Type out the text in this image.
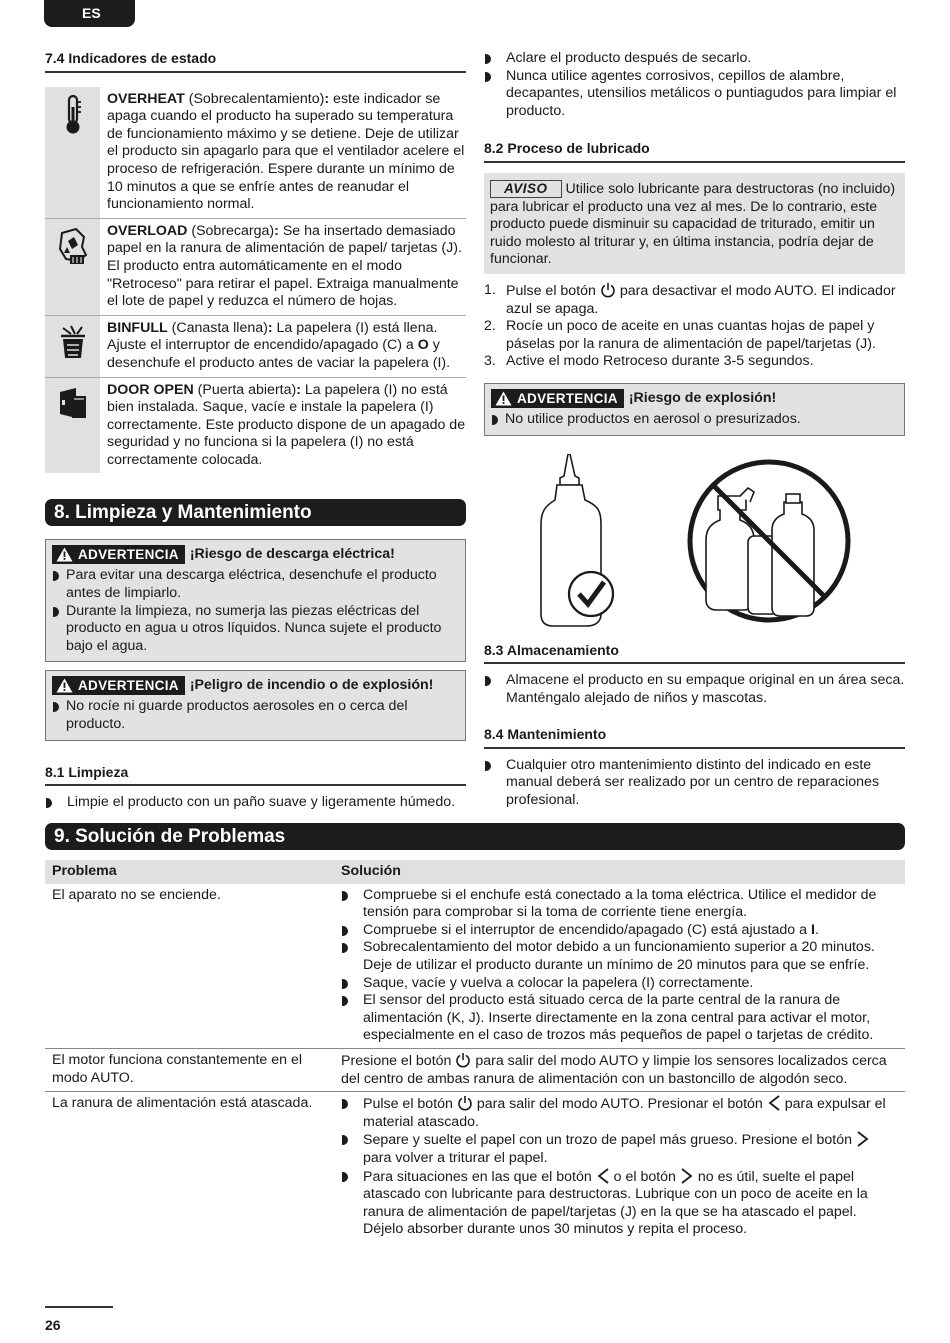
ES
7.4 Indicadores de estado
OVERHEAT (Sobrecalentamiento): este indicador se apaga cuando el producto ha superado su temperatura de funcionamiento máximo y se detiene. Deje de utilizar el producto sin apagarlo para que el ventilador acelere el proceso de refrigeración. Espere durante un mínimo de 10 minutos a que se enfríe antes de reanudar el funcionamiento normal.
OVERLOAD (Sobrecarga): Se ha insertado demasiado papel en la ranura de alimentación de papel/ tarjetas (J). El producto entra automáticamente en el modo "Retroceso" para retirar el papel. Extraiga manualmente el lote de papel y reduzca el número de hojas.
BINFULL (Canasta llena): La papelera (I) está llena. Ajuste el interruptor de encendido/apagado (C) a O y desenchufe el producto antes de vaciar la papelera (I).
DOOR OPEN (Puerta abierta): La papelera (I) no está bien instalada. Saque, vacíe e instale la papelera (I) correctamente. Este producto dispone de un apagado de seguridad y no funciona si la papelera (I) no está correctamente colocada.
8. Limpieza y Mantenimiento
ADVERTENCIA ¡Riesgo de descarga eléctrica!
Para evitar una descarga eléctrica, desenchufe el producto antes de limpiarlo.
Durante la limpieza, no sumerja las piezas eléctricas del producto en agua u otros líquidos. Nunca sujete el producto bajo el agua.
ADVERTENCIA ¡Peligro de incendio o de explosión!
No rocíe ni guarde productos aerosoles en o cerca del producto.
8.1 Limpieza
Limpie el producto con un paño suave y ligeramente húmedo.
Aclare el producto después de secarlo.
Nunca utilice agentes corrosivos, cepillos de alambre, decapantes, utensilios metálicos o puntiagudos para limpiar el producto.
8.2 Proceso de lubricado
AVISO Utilice solo lubricante para destructoras (no incluido) para lubricar el producto una vez al mes. De lo contrario, este producto puede disminuir su capacidad de triturado, emitir un ruido molesto al triturar y, en última instancia, podría dejar de funcionar.
1. Pulse el botón  para desactivar el modo AUTO. El indicador azul se apaga.
2. Rocíe un poco de aceite en unas cuantas hojas de papel y páselas por la ranura de alimentación de papel/tarjetas (J).
3. Active el modo Retroceso durante 3-5 segundos.
ADVERTENCIA ¡Riesgo de explosión!
No utilice productos en aerosol o presurizados.
8.3 Almacenamiento
Almacene el producto en su empaque original en un área seca. Manténgalo alejado de niños y mascotas.
8.4 Mantenimiento
Cualquier otro mantenimiento distinto del indicado en este manual deberá ser realizado por un centro de reparaciones profesional.
9. Solución de Problemas
Problema	Solución
El aparato no se enciende.	Compruebe si el enchufe está conectado a la toma eléctrica. Utilice el medidor de tensión para comprobar si la toma de corriente tiene energía.
Compruebe si el interruptor de encendido/apagado (C) está ajustado a I.
Sobrecalentamiento del motor debido a un funcionamiento superior a 20 minutos. Deje de utilizar el producto durante un mínimo de 20 minutos para que se enfríe.
Saque, vacíe y vuelva a colocar la papelera (I) correctamente.
El sensor del producto está situado cerca de la parte central de la ranura de alimentación (K, J). Inserte directamente en la zona central para activar el motor, especialmente en el caso de trozos más pequeños de papel o tarjetas de crédito.

El motor funciona constantemente en el modo AUTO.	Presione el botón  para salir del modo AUTO y limpie los sensores localizados cerca del centro de ambas ranura de alimentación con un bastoncillo de algodón seco.
La ranura de alimentación está atascada.	Pulse el botón  para salir del modo AUTO. Presionar el botón  para expulsar el material atascado.
Separe y suelte el papel con un trozo de papel más grueso. Presione el botón  para volver a triturar el papel.
Para situaciones en las que el botón  o el botón  no es útil, suelte el papel atascado con lubricante para destructoras. Lubrique con un poco de aceite en la ranura de alimentación de papel/tarjetas (J) en la que se ha atascado el papel. Déjelo absorber durante unos 30 minutos y repita el proceso.
26
